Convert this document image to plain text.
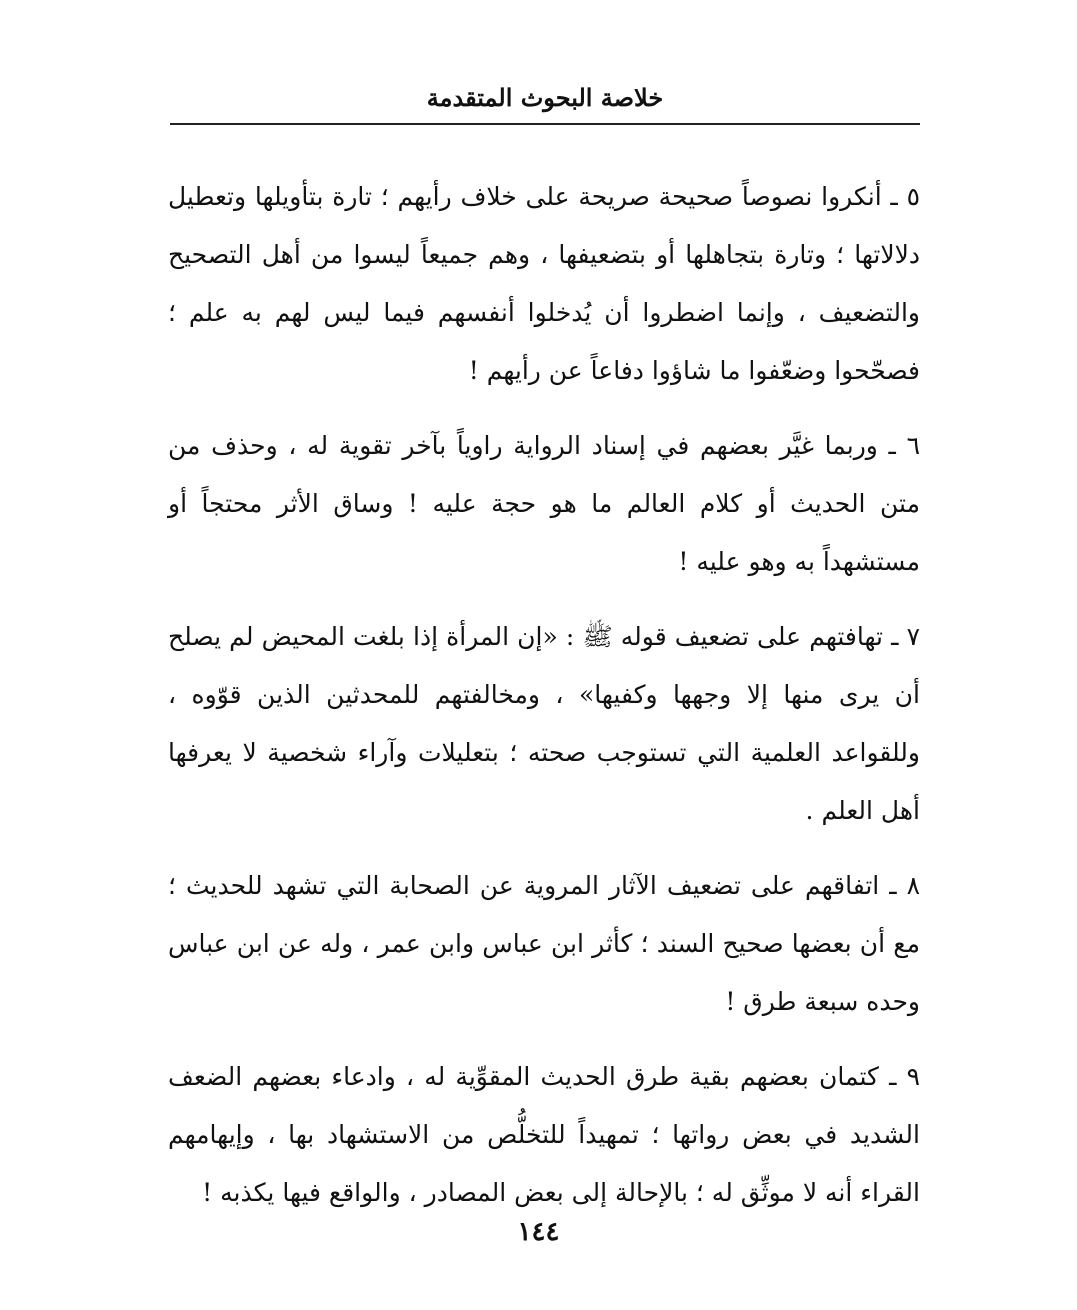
خلاصة البحوث المتقدمة

٥ ـ أنكروا نصوصاً صحيحة صريحة على خلاف رأيهم ؛ تارة بتأويلها وتعطيل دلالاتها ؛ وتارة بتجاهلها أو بتضعيفها ، وهم جميعاً ليسوا من أهل التصحيح والتضعيف ، وإنما اضطروا أن يُدخلوا أنفسهم فيما ليس لهم به علم ؛ فصحّحوا وضعّفوا ما شاؤوا دفاعاً عن رأيهم !

٦ ـ وربما غيَّر بعضهم في إسناد الرواية راوياً بآخر تقوية له ، وحذف من متن الحديث أو كلام العالم ما هو حجة عليه ! وساق الأثر محتجاً أو مستشهداً به وهو عليه !

٧ ـ تهافتهم على تضعيف قوله ﷺ : «إن المرأة إذا بلغت المحيض لم يصلح أن يرى منها إلا وجهها وكفيها» ، ومخالفتهم للمحدثين الذين قوّوه ، وللقواعد العلمية التي تستوجب صحته ؛ بتعليلات وآراء شخصية لا يعرفها أهل العلم .

٨ ـ اتفاقهم على تضعيف الآثار المروية عن الصحابة التي تشهد للحديث ؛ مع أن بعضها صحيح السند ؛ كأثر ابن عباس وابن عمر ، وله عن ابن عباس وحده سبعة طرق !

٩ ـ كتمان بعضهم بقية طرق الحديث المقوِّية له ، وادعاء بعضهم الضعف الشديد في بعض رواتها ؛ تمهيداً للتخلُّص من الاستشهاد بها ، وإيهامهم القراء أنه لا موثِّق له ؛ بالإحالة إلى بعض المصادر ، والواقع فيها يكذبه !

١٤٤
